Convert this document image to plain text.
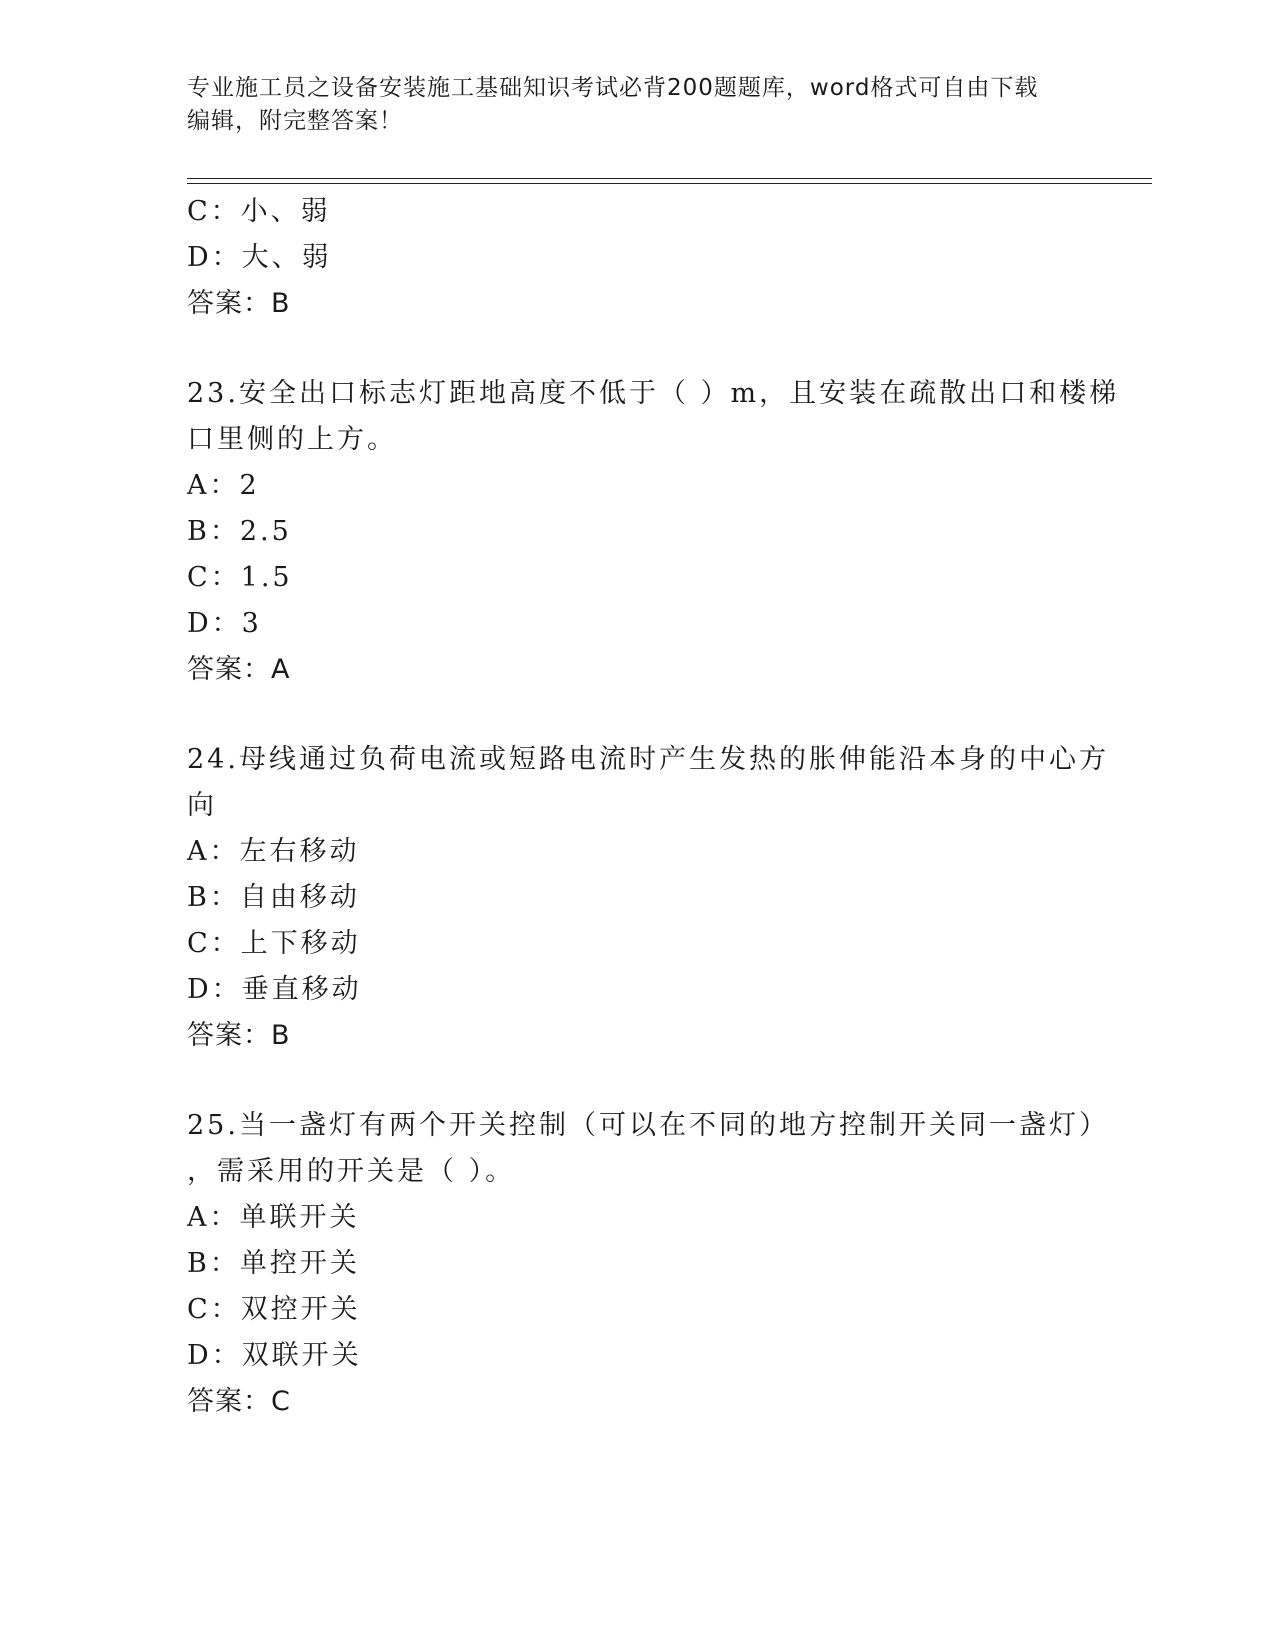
专业施工员之设备安装施工基础知识考试必背200题题库，word格式可自由下载
编辑，附完整答案！
C：小、弱
D：大、弱
答案：B
23.安全出口标志灯距地高度不低于（ ）m，且安装在疏散出口和楼梯
口里侧的上方。
A：2
B：2.5
C：1.5
D：3
答案：A
24.母线通过负荷电流或短路电流时产生发热的胀伸能沿本身的中心方
向
A：左右移动
B：自由移动
C：上下移动
D：垂直移动
答案：B
25.当一盏灯有两个开关控制（可以在不同的地方控制开关同一盏灯）
，需采用的开关是（ ）。
A：单联开关
B：单控开关
C：双控开关
D：双联开关
答案：C
